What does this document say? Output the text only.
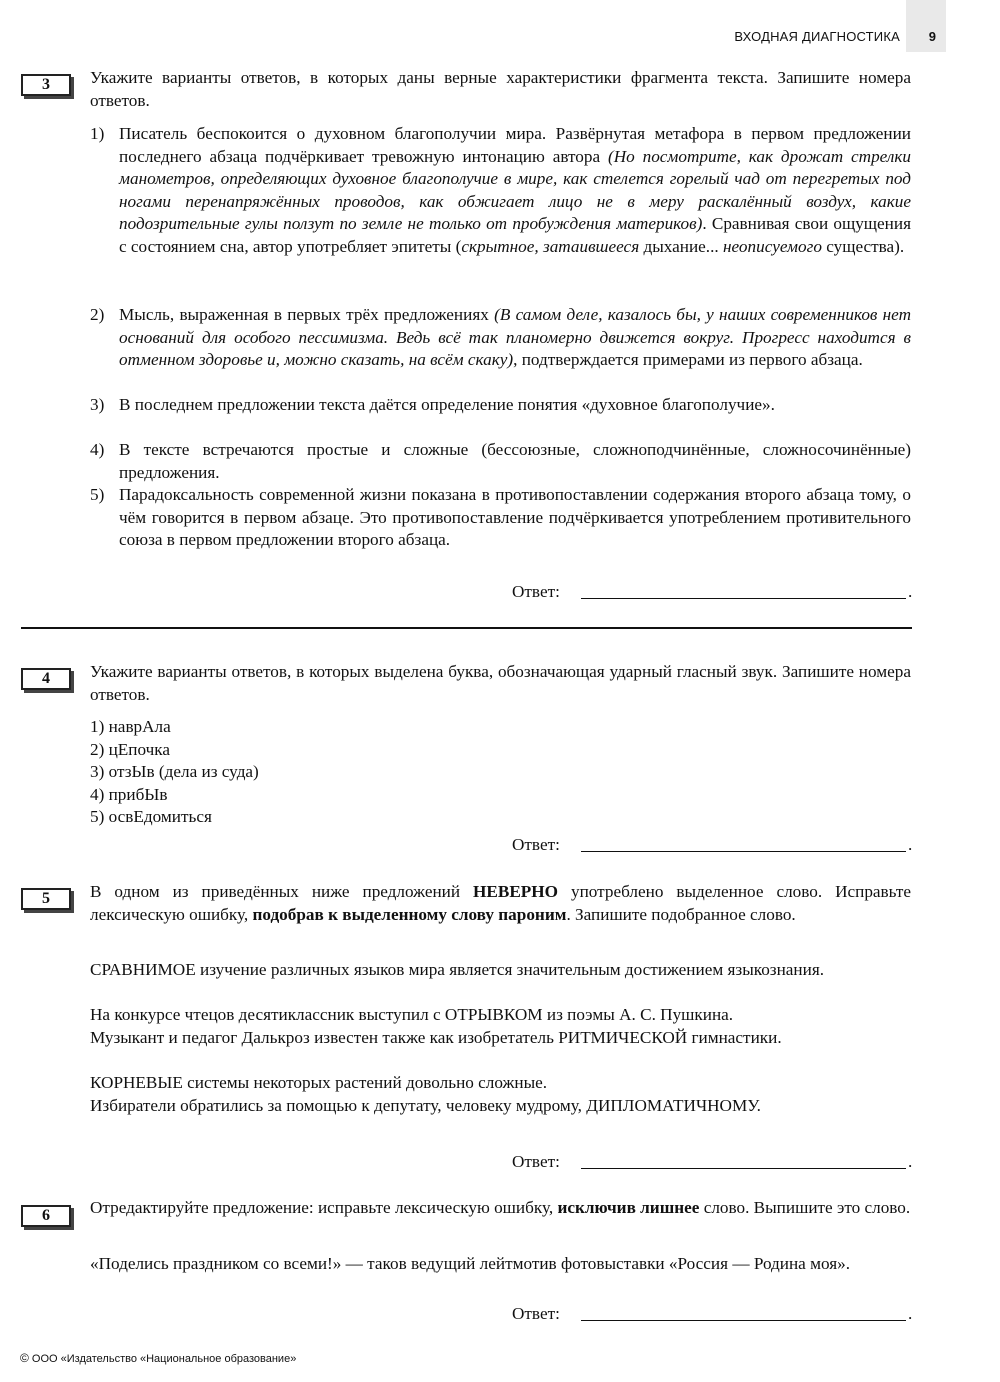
ВХОДНАЯ ДИАГНОСТИКА 9
3	Укажите варианты ответов, в которых даны верные характеристики фрагмента текста. Запишите номера ответов.
1) Писатель беспокоится о духовном благополучии мира. Развёрнутая метафора в первом предложении последнего абзаца подчёркивает тревожную интонацию автора (Но посмотрите, как дрожат стрелки манометров, определяющих духовное благополучие в мире, как стелется горелый чад от перегретых под ногами перенапряжённых проводов, как обжигает лицо не в меру раскалённый воздух, какие подозрительные гулы ползут по земле не только от пробуждения материков). Сравнивая свои ощущения с состоянием сна, автор употребляет эпитеты (скрытное, затаившееся дыхание... неописуемого существа).
2) Мысль, выраженная в первых трёх предложениях (В самом деле, казалось бы, у наших современников нет оснований для особого пессимизма. Ведь всё так планомерно движется вокруг. Прогресс находится в отменном здоровье и, можно сказать, на всём скаку), подтверждается примерами из первого абзаца.
3) В последнем предложении текста даётся определение понятия «духовное благополучие».
4) В тексте встречаются простые и сложные (бессоюзные, сложноподчинённые, сложносочинённые) предложения.
5) Парадоксальность современной жизни показана в противопоставлении содержания второго абзаца тому, о чём говорится в первом абзаце. Это противопоставление подчёркивается употреблением противительного союза в первом предложении второго абзаца.
Ответ:	.
4	Укажите варианты ответов, в которых выделена буква, обозначающая ударный гласный звук. Запишите номера ответов.
1) наврАла
2) цЕпочка
3) отзЫв (дела из суда)
4) прибЫв
5) освЕдомиться
Ответ:	.
5	В одном из приведённых ниже предложений НЕВЕРНО употреблено выделенное слово. Исправьте лексическую ошибку, подобрав к выделенному слову пароним. Запишите подобранное слово.
СРАВНИМОЕ изучение различных языков мира является значительным достижением языкознания.
На конкурсе чтецов десятиклассник выступил с ОТРЫВКОМ из поэмы А. С. Пушкина.
Музыкант и педагог Далькроз известен также как изобретатель РИТМИЧЕСКОЙ гимнастики.
КОРНЕВЫЕ системы некоторых растений довольно сложные.
Избиратели обратились за помощью к депутату, человеку мудрому, ДИПЛОМАТИЧНОМУ.
Ответ:	.
6	Отредактируйте предложение: исправьте лексическую ошибку, исключив лишнее слово. Выпишите это слово.
«Поделись праздником со всеми!» — таков ведущий лейтмотив фотовыставки «Россия — Родина моя».
Ответ:	.
© ООО «Издательство «Национальное образование»
